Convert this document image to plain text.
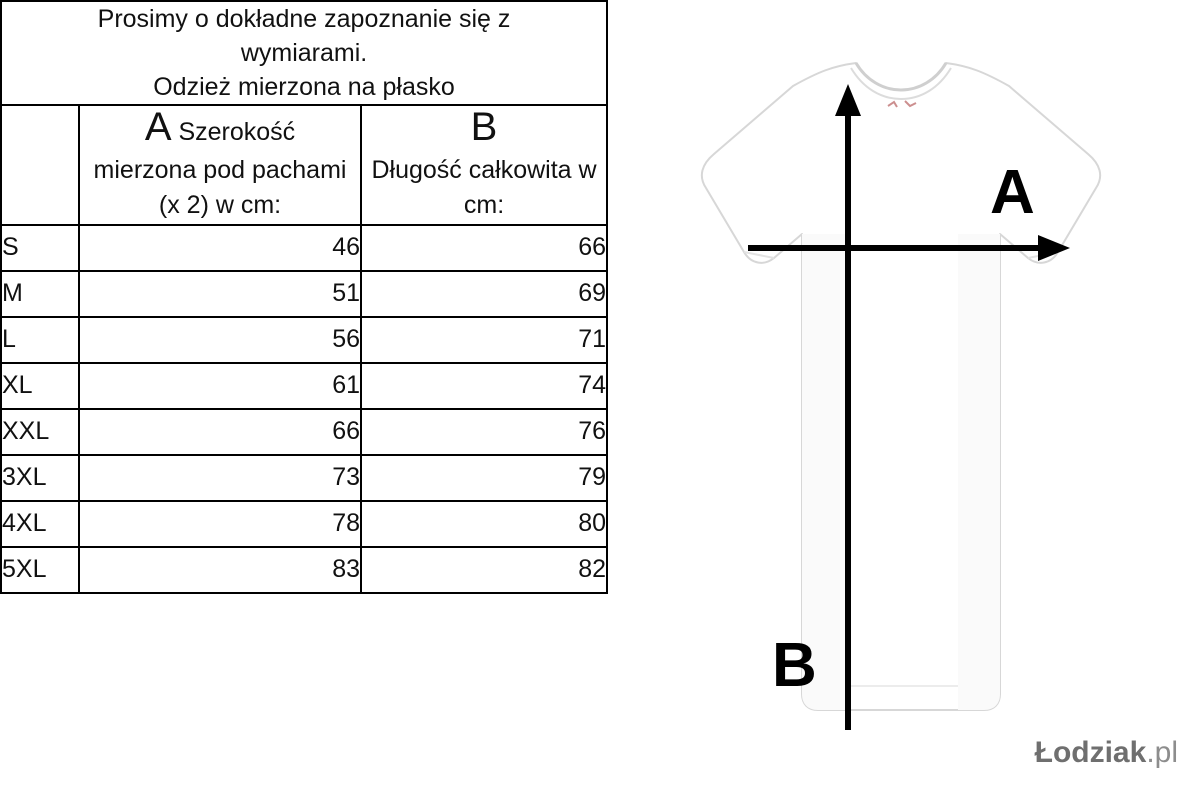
Prosimy o dokładne zapoznanie się z
wymiarami.
Odzież mierzona na płasko		

	A Szerokość
mierzona pod pachami (x 2) w cm:	B
Długość całkowita w cm:
S	46	66
M	51	69
L	56	71
XL	61	74
XXL	66	76
3XL	73	79
4XL	78	80
5XL	83	82
A
B
Łodziak.pl
